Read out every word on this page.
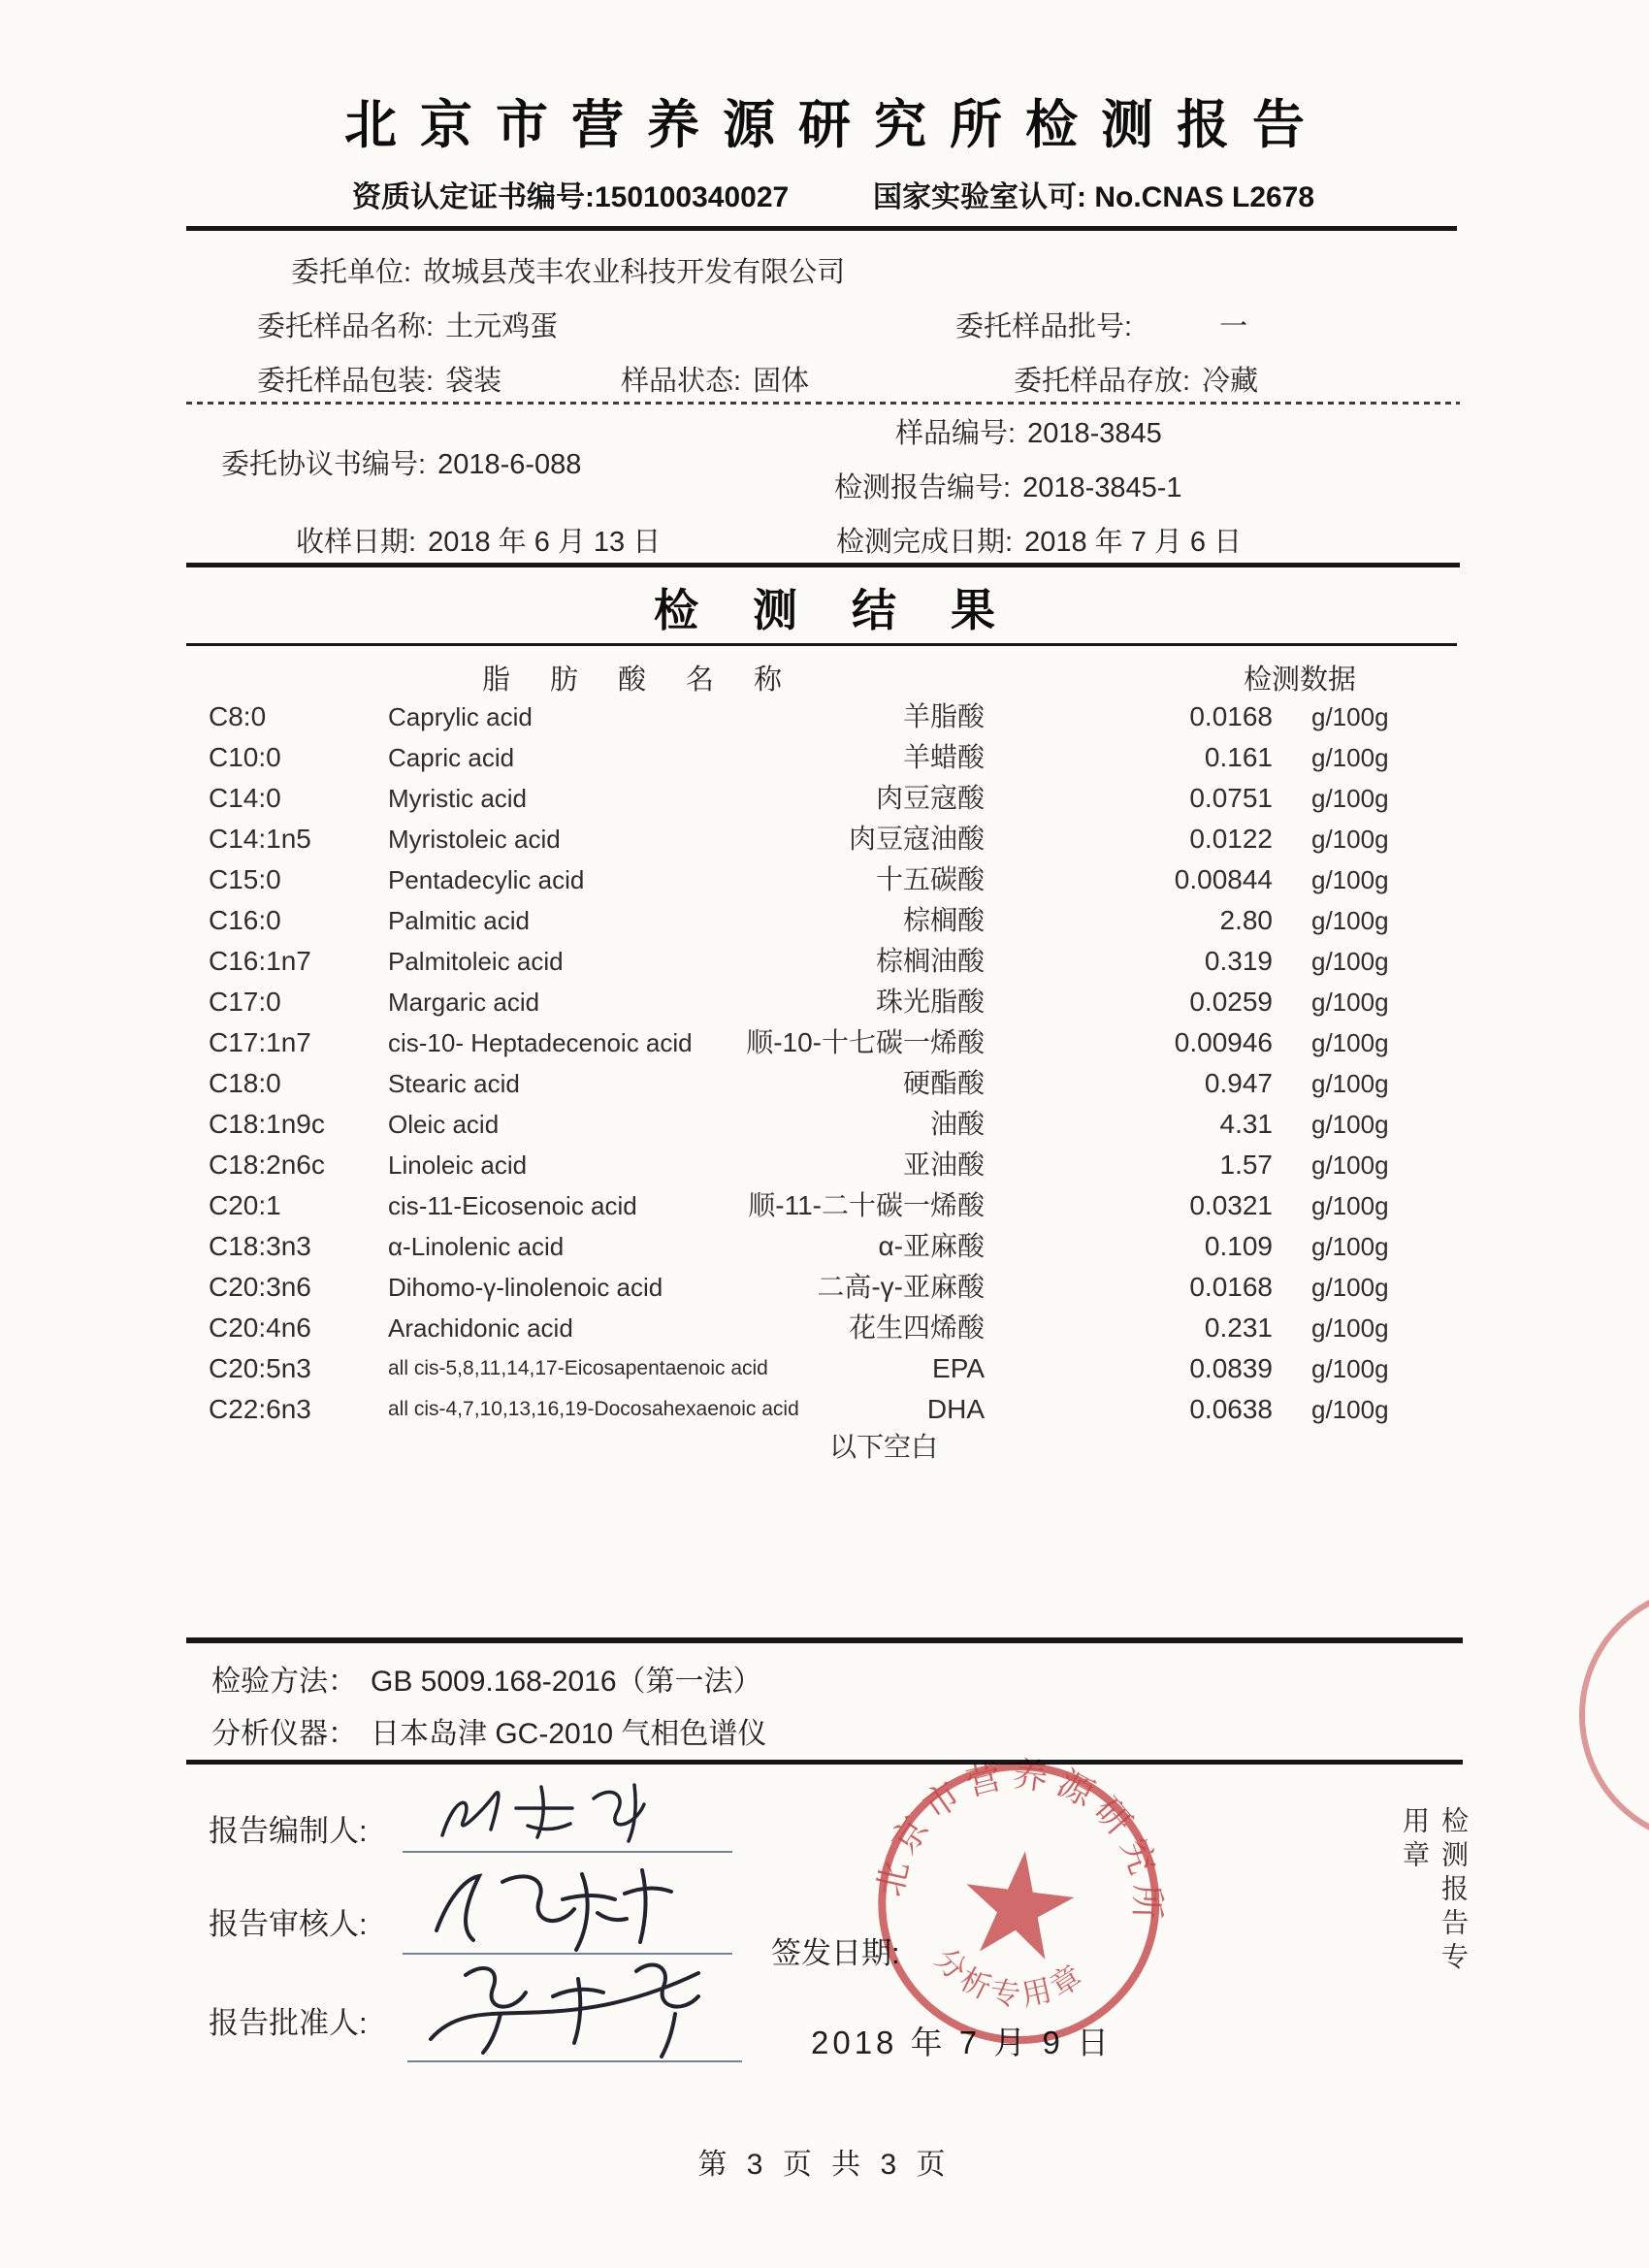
北京市营养源研究所检测报告
资质认定证书编号:150100340027	国家实验室认可: No.CNAS L2678
委托单位: 故城县茂丰农业科技开发有限公司
委托样品名称: 土元鸡蛋	委托样品批号:	一
委托样品包装: 袋装	样品状态: 固体	委托样品存放: 冷藏
委托协议书编号: 2018-6-088
样品编号: 2018-3845
检测报告编号: 2018-3845-1
收样日期: 2018 年 6 月 13 日	检测完成日期: 2018 年 7 月 6 日
检测结果
脂肪酸名称	检测数据
C8:0	Caprylic acid	羊脂酸	0.0168 g/100g
C10:0	Capric acid	羊蜡酸	0.161 g/100g
C14:0	Myristic acid	肉豆寇酸	0.0751 g/100g
C14:1n5	Myristoleic acid	肉豆寇油酸	0.0122 g/100g
C15:0	Pentadecylic acid	十五碳酸	0.00844 g/100g
C16:0	Palmitic acid	棕榈酸	2.80 g/100g
C16:1n7	Palmitoleic acid	棕榈油酸	0.319 g/100g
C17:0	Margaric acid	珠光脂酸	0.0259 g/100g
C17:1n7	cis-10- Heptadecenoic acid 顺-10-十七碳一烯酸	0.00946 g/100g
C18:0	Stearic acid	硬酯酸	0.947 g/100g
C18:1n9c	Oleic acid	油酸	4.31 g/100g
C18:2n6c	Linoleic acid	亚油酸	1.57 g/100g
C20:1	cis-11-Eicosenoic acid	顺-11-二十碳一烯酸	0.0321 g/100g
C18:3n3	α-Linolenic acid	α-亚麻酸	0.109 g/100g
C20:3n6	Dihomo-γ-linolenoic acid	二高-γ-亚麻酸	0.0168 g/100g
C20:4n6	Arachidonic acid	花生四烯酸	0.231 g/100g
C20:5n3	all cis-5,8,11,14,17-Eicosapentaenoic acid	EPA	0.0839 g/100g
C22:6n3	all cis-4,7,10,13,16,19-Docosahexaenoic acid	DHA	0.0638 g/100g
以下空白
检验方法： GB 5009.168-2016（第一法）
分析仪器： 日本岛津 GC-2010 气相色谱仪
报告编制人:
报告审核人:
报告批准人:
签发日期:
2018 年 7 月 9 日
北京市营养源研究所
分析专用章
检测报告专用章
第 3 页 共 3 页
